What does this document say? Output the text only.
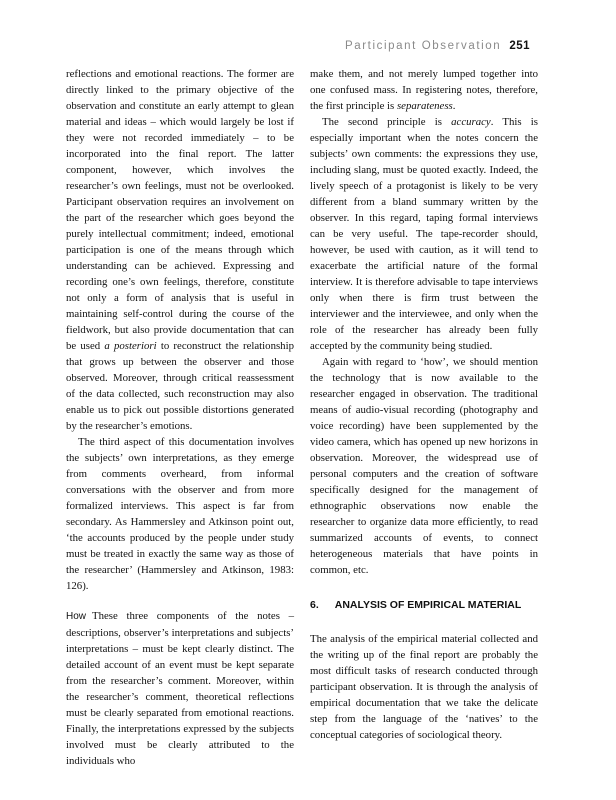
Participant Observation 251

reflections and emotional reactions. The former are directly linked to the primary objective of the observation and constitute an early attempt to glean material and ideas – which would largely be lost if they were not recorded immediately – to be incorporated into the final report. The latter component, however, which involves the researcher’s own feelings, must not be overlooked. Participant observation requires an involvement on the part of the researcher which goes beyond the purely intellectual commitment; indeed, emotional participation is one of the means through which understanding can be achieved. Expressing and recording one’s own feelings, therefore, constitute not only a form of analysis that is useful in maintaining self-control during the course of the fieldwork, but also provide documentation that can be used a posteriori to reconstruct the relationship that grows up between the observer and those observed. Moreover, through critical reassessment of the data collected, such reconstruction may also enable us to pick out possible distortions generated by the researcher’s emotions.

The third aspect of this documentation involves the subjects’ own interpretations, as they emerge from comments overheard, from informal conversations with the observer and from more formalized interviews. This aspect is far from secondary. As Hammersley and Atkinson point out, ‘the accounts produced by the people under study must be treated in exactly the same way as those of the researcher’ (Hammersley and Atkinson, 1983: 126).

How These three components of the notes – descriptions, observer’s interpretations and subjects’ interpretations – must be kept clearly distinct. The detailed account of an event must be kept separate from the researcher’s comment. Moreover, within the researcher’s comment, theoretical reflections must be clearly separated from emotional reactions. Finally, the interpretations expressed by the subjects involved must be clearly attributed to the individuals who

make them, and not merely lumped together into one confused mass. In registering notes, therefore, the first principle is separateness.

The second principle is accuracy. This is especially important when the notes concern the subjects’ own comments: the expressions they use, including slang, must be quoted exactly. Indeed, the lively speech of a protagonist is likely to be very different from a bland summary written by the observer. In this regard, taping formal interviews can be very useful. The tape-recorder should, however, be used with caution, as it will tend to exacerbate the artificial nature of the formal interview. It is therefore advisable to tape interviews only when there is firm trust between the interviewer and the interviewee, and only when the role of the researcher has already been fully accepted by the community being studied.

Again with regard to ‘how’, we should mention the technology that is now available to the researcher engaged in observation. The traditional means of audio-visual recording (photography and voice recording) have been supplemented by the video camera, which has opened up new horizons in observation. Moreover, the widespread use of personal computers and the creation of software specifically designed for the management of ethnographic observations now enable the researcher to organize data more efficiently, to read summarized accounts of events, to connect heterogeneous materials that have points in common, etc.

6. ANALYSIS OF EMPIRICAL MATERIAL

The analysis of the empirical material collected and the writing up of the final report are probably the most difficult tasks of research conducted through participant observation. It is through the analysis of empirical documentation that we take the delicate step from the language of the ‘natives’ to the conceptual categories of sociological theory.
